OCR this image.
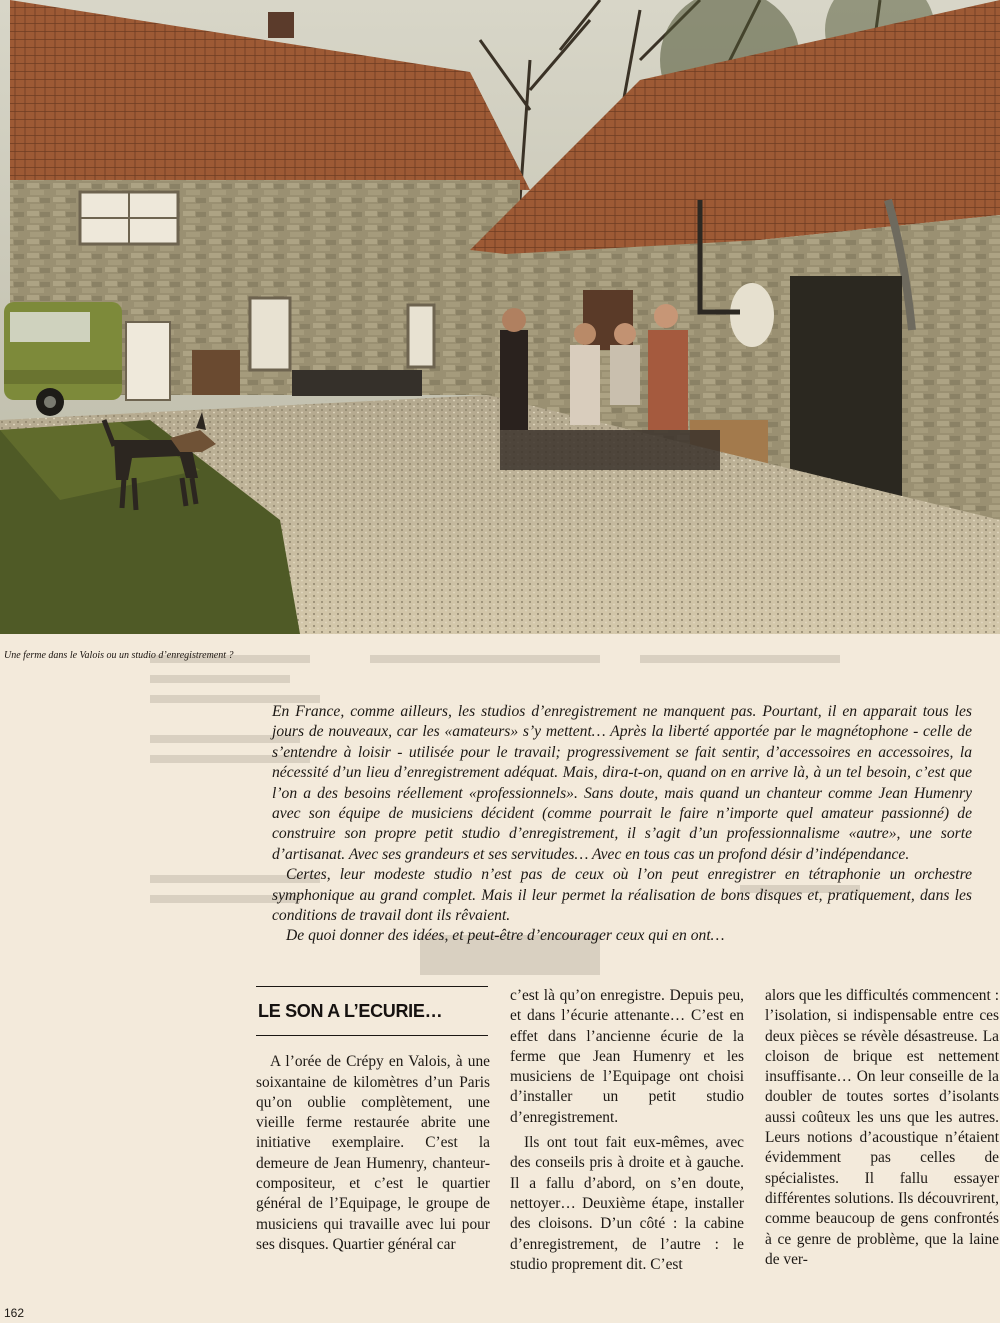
Une ferme dans le Valois ou un studio d’enregistrement ?

En France, comme ailleurs, les studios d’enregistrement ne manquent pas. Pourtant, il en apparait tous les jours de nouveaux, car les «amateurs» s’y mettent… Après la liberté apportée par le magnétophone - celle de s’entendre à loisir - utilisée pour le travail; progressivement se fait sentir, d’accessoires en accessoires, la nécessité d’un lieu d’enregistrement adéquat. Mais, dira-t-on, quand on en arrive là, à un tel besoin, c’est que l’on a des besoins réellement «professionnels». Sans doute, mais quand un chanteur comme Jean Humenry avec son équipe de musiciens décident (comme pourrait le faire n’importe quel amateur passionné) de construire son propre petit studio d’enregistrement, il s’agit d’un professionnalisme «autre», une sorte d’artisanat. Avec ses grandeurs et ses servitudes… Avec en tous cas un profond désir d’indépendance.

Certes, leur modeste studio n’est pas de ceux où l’on peut enregistrer en tétraphonie un orchestre symphonique au grand complet. Mais il leur permet la réalisation de bons disques et, pratiquement, dans les conditions de travail dont ils rêvaient.

De quoi donner des idées, et peut-être d’encourager ceux qui en ont…

LE SON A L’ECURIE…

A l’orée de Crépy en Valois, à une soixantaine de kilomètres d’un Paris qu’on oublie complètement, une vieille ferme restaurée abrite une initiative exemplaire. C’est la demeure de Jean Humenry, chanteur-compositeur, et c’est le quartier général de l’Equipage, le groupe de musiciens qui travaille avec lui pour ses disques. Quartier général car

c’est là qu’on enregistre. Depuis peu, et dans l’écurie attenante… C’est en effet dans l’ancienne écurie de la ferme que Jean Humenry et les musiciens de l’Equipage ont choisi d’installer un petit studio d’enregistrement.

Ils ont tout fait eux-mêmes, avec des conseils pris à droite et à gauche. Il a fallu d’abord, on s’en doute, nettoyer… Deuxième étape, installer des cloisons. D’un côté : la cabine d’enregistrement, de l’autre : le studio proprement dit. C’est

alors que les difficultés commencent : l’isolation, si indispensable entre ces deux pièces se révèle désastreuse. La cloison de brique est nettement insuffisante… On leur conseille de la doubler de toutes sortes d’isolants aussi coûteux les uns que les autres. Leurs notions d’acoustique n’étaient évidemment pas celles de spécialistes. Il fallu essayer différentes solutions. Ils découvrirent, comme beaucoup de gens confrontés à ce genre de problème, que la laine de ver-

162
